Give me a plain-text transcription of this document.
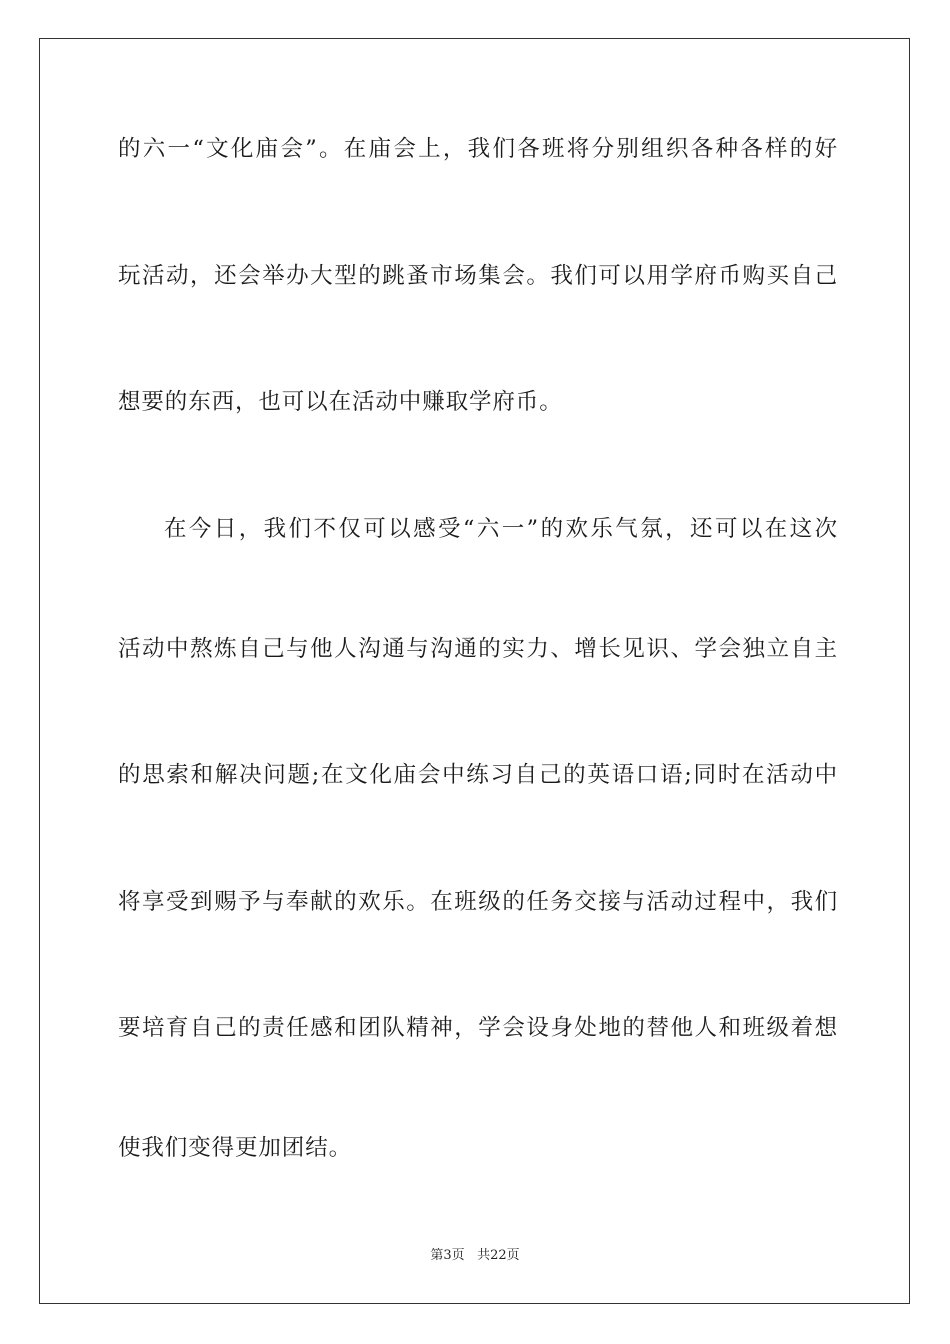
的六一“文化庙会”。在庙会上，我们各班将分别组织各种各样的好
玩活动，还会举办大型的跳蚤市场集会。我们可以用学府币购买自己
想要的东西，也可以在活动中赚取学府币。
在今日，我们不仅可以感受“六一”的欢乐气氛，还可以在这次
活动中熬炼自己与他人沟通与沟通的实力、增长见识、学会独立自主
的思索和解决问题;在文化庙会中练习自己的英语口语;同时在活动中
将享受到赐予与奉献的欢乐。在班级的任务交接与活动过程中，我们
要培育自己的责任感和团队精神，学会设身处地的替他人和班级着想
使我们变得更加团结。
第3页 共22页
